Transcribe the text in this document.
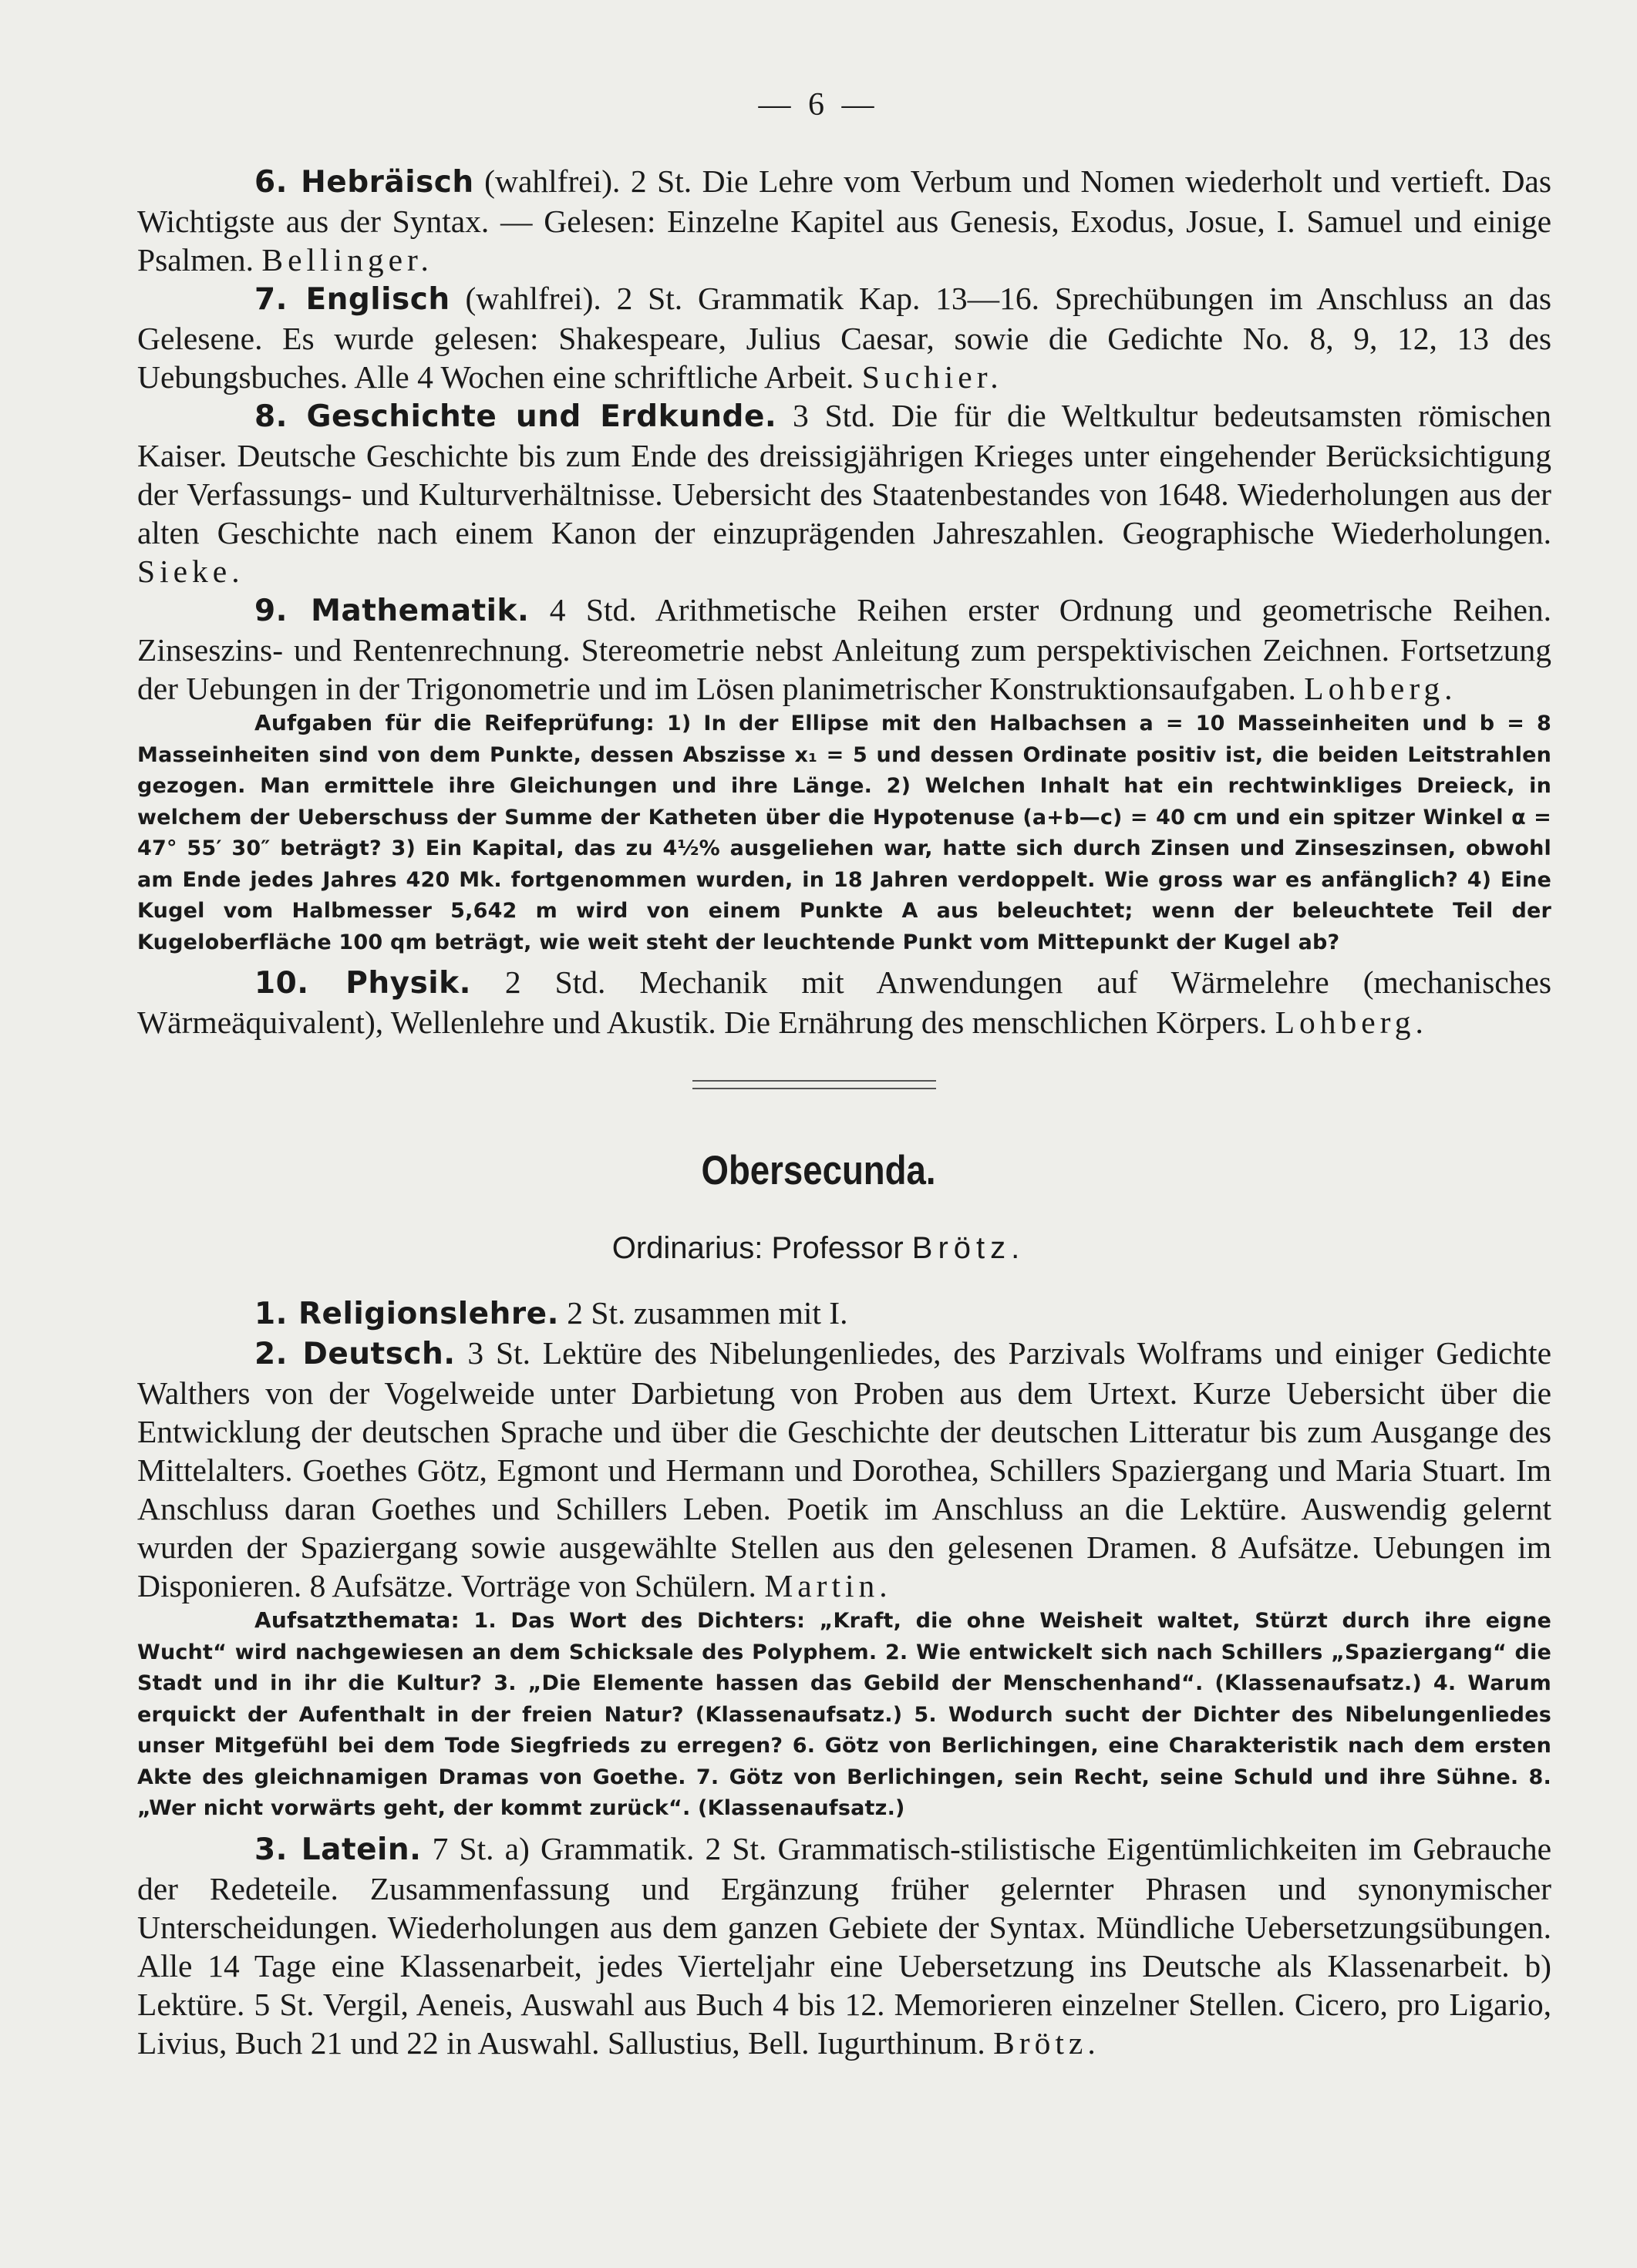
— 6 —

6. Hebräisch (wahlfrei). 2 St. Die Lehre vom Verbum und Nomen wiederholt und vertieft. Das Wichtigste aus der Syntax. — Gelesen: Einzelne Kapitel aus Genesis, Exodus, Josue, I. Samuel und einige Psalmen. Bellinger.

7. Englisch (wahlfrei). 2 St. Grammatik Kap. 13—16. Sprechübungen im Anschluss an das Gelesene. Es wurde gelesen: Shakespeare, Julius Caesar, sowie die Gedichte No. 8, 9, 12, 13 des Uebungsbuches. Alle 4 Wochen eine schriftliche Arbeit. Suchier.

8. Geschichte und Erdkunde. 3 Std. Die für die Weltkultur bedeutsamsten römischen Kaiser. Deutsche Geschichte bis zum Ende des dreissigjährigen Krieges unter eingehender Berücksichtigung der Verfassungs- und Kulturverhältnisse. Uebersicht des Staatenbestandes von 1648. Wiederholungen aus der alten Geschichte nach einem Kanon der einzuprägenden Jahreszahlen. Geographische Wiederholungen. Sieke.

9. Mathematik. 4 Std. Arithmetische Reihen erster Ordnung und geometrische Reihen. Zinseszins- und Rentenrechnung. Stereometrie nebst Anleitung zum perspektivischen Zeichnen. Fortsetzung der Uebungen in der Trigonometrie und im Lösen planimetrischer Konstruktionsaufgaben. Lohberg.

Aufgaben für die Reifeprüfung: 1) In der Ellipse mit den Halbachsen a = 10 Masseinheiten und b = 8 Masseinheiten sind von dem Punkte, dessen Abszisse x₁ = 5 und dessen Ordinate positiv ist, die beiden Leitstrahlen gezogen. Man ermittele ihre Gleichungen und ihre Länge. 2) Welchen Inhalt hat ein rechtwinkliges Dreieck, in welchem der Ueberschuss der Summe der Katheten über die Hypotenuse (a+b—c) = 40 cm und ein spitzer Winkel α = 47° 55′ 30″ beträgt? 3) Ein Kapital, das zu 4½% ausgeliehen war, hatte sich durch Zinsen und Zinseszinsen, obwohl am Ende jedes Jahres 420 Mk. fortgenommen wurden, in 18 Jahren verdoppelt. Wie gross war es anfänglich? 4) Eine Kugel vom Halbmesser 5,642 m wird von einem Punkte A aus beleuchtet; wenn der beleuchtete Teil der Kugeloberfläche 100 qm beträgt, wie weit steht der leuchtende Punkt vom Mittepunkt der Kugel ab?

10. Physik. 2 Std. Mechanik mit Anwendungen auf Wärmelehre (mechanisches Wärmeäquivalent), Wellenlehre und Akustik. Die Ernährung des menschlichen Körpers. Lohberg.

Obersecunda.
Ordinarius: Professor Brötz.

1. Religionslehre. 2 St. zusammen mit I.

2. Deutsch. 3 St. Lektüre des Nibelungenliedes, des Parzivals Wolframs und einiger Gedichte Walthers von der Vogelweide unter Darbietung von Proben aus dem Urtext. Kurze Uebersicht über die Entwicklung der deutschen Sprache und über die Geschichte der deutschen Litteratur bis zum Ausgange des Mittelalters. Goethes Götz, Egmont und Hermann und Dorothea, Schillers Spaziergang und Maria Stuart. Im Anschluss daran Goethes und Schillers Leben. Poetik im Anschluss an die Lektüre. Auswendig gelernt wurden der Spaziergang sowie ausgewählte Stellen aus den gelesenen Dramen. 8 Aufsätze. Uebungen im Disponieren. 8 Aufsätze. Vorträge von Schülern. Martin.

Aufsatzthemata: 1. Das Wort des Dichters: „Kraft, die ohne Weisheit waltet, Stürzt durch ihre eigne Wucht“ wird nachgewiesen an dem Schicksale des Polyphem. 2. Wie entwickelt sich nach Schillers „Spaziergang“ die Stadt und in ihr die Kultur? 3. „Die Elemente hassen das Gebild der Menschenhand“. (Klassenaufsatz.) 4. Warum erquickt der Aufenthalt in der freien Natur? (Klassenaufsatz.) 5. Wodurch sucht der Dichter des Nibelungenliedes unser Mitgefühl bei dem Tode Siegfrieds zu erregen? 6. Götz von Berlichingen, eine Charakteristik nach dem ersten Akte des gleichnamigen Dramas von Goethe. 7. Götz von Berlichingen, sein Recht, seine Schuld und ihre Sühne. 8. „Wer nicht vorwärts geht, der kommt zurück“. (Klassenaufsatz.)

3. Latein. 7 St. a) Grammatik. 2 St. Grammatisch-stilistische Eigentümlichkeiten im Gebrauche der Redeteile. Zusammenfassung und Ergänzung früher gelernter Phrasen und synonymischer Unterscheidungen. Wiederholungen aus dem ganzen Gebiete der Syntax. Mündliche Uebersetzungsübungen. Alle 14 Tage eine Klassenarbeit, jedes Vierteljahr eine Uebersetzung ins Deutsche als Klassenarbeit. b) Lektüre. 5 St. Vergil, Aeneis, Auswahl aus Buch 4 bis 12. Memorieren einzelner Stellen. Cicero, pro Ligario, Livius, Buch 21 und 22 in Auswahl. Sallustius, Bell. Iugurthinum. Brötz.
